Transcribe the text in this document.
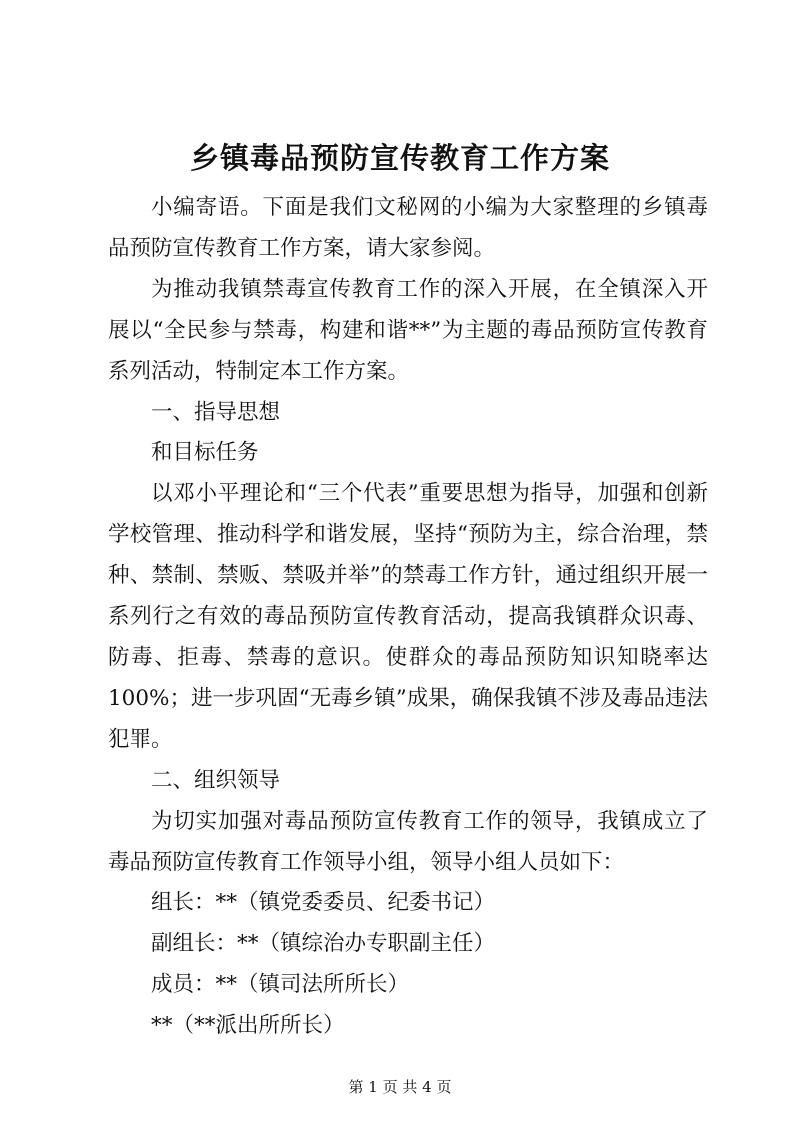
乡镇毒品预防宣传教育工作方案

小编寄语。下面是我们文秘网的小编为大家整理的乡镇毒品预防宣传教育工作方案，请大家参阅。

为推动我镇禁毒宣传教育工作的深入开展，在全镇深入开展以“全民参与禁毒，构建和谐**”为主题的毒品预防宣传教育系列活动，特制定本工作方案。

一、指导思想

和目标任务

以邓小平理论和“三个代表”重要思想为指导，加强和创新学校管理、推动科学和谐发展，坚持“预防为主，综合治理，禁种、禁制、禁贩、禁吸并举”的禁毒工作方针，通过组织开展一系列行之有效的毒品预防宣传教育活动，提高我镇群众识毒、防毒、拒毒、禁毒的意识。使群众的毒品预防知识知晓率达100%；进一步巩固“无毒乡镇”成果，确保我镇不涉及毒品违法犯罪。

二、组织领导

为切实加强对毒品预防宣传教育工作的领导，我镇成立了毒品预防宣传教育工作领导小组，领导小组人员如下：

组长：**（镇党委委员、纪委书记）

副组长：**（镇综治办专职副主任）

成员：**（镇司法所所长）

**（**派出所所长）

第 1 页 共 4 页
